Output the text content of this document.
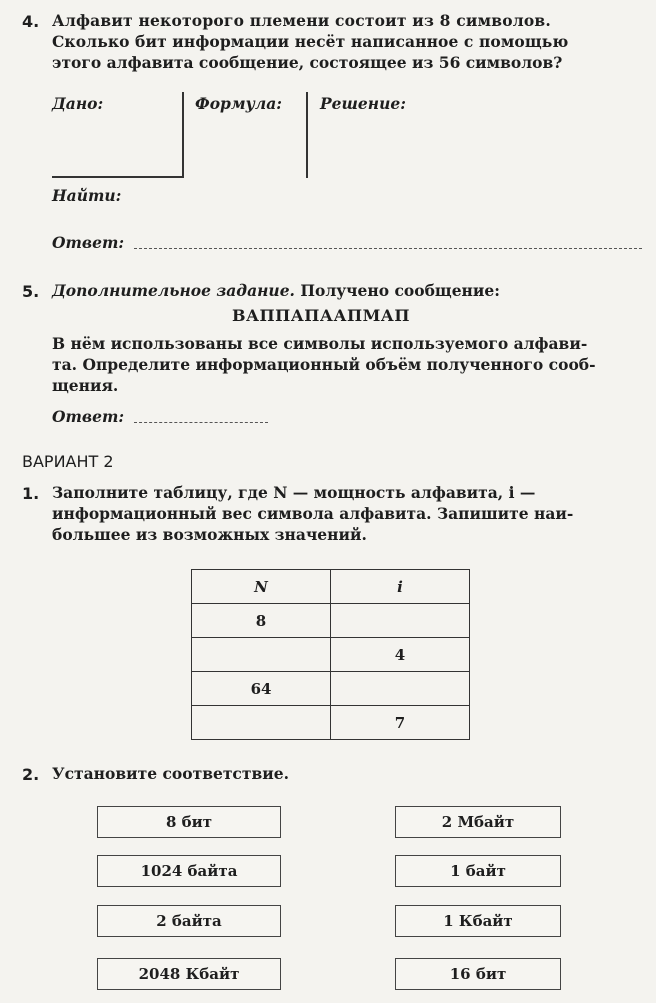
4. Алфавит некоторого племени состоит из 8 символов.
Сколько бит информации несёт написанное с помощью
этого алфавита сообщение, состоящее из 56 символов?
Дано:	Формула: Решение:
Найти:
Ответ:
5. Дополнительное задание. Получено сообщение:
ВАППАПААПМАП
В нём использованы все символы используемого алфави-
та. Определите информационный объём полученного сооб-
щения.
Ответ:
ВАРИАНТ 2
1. Заполните таблицу, где N — мощность алфавита, i —
информационный вес символа алфавита. Запишите наи-
большее из возможных значений.
N	i
8	
	4
64	
	7
2. Установите соответствие.
8 бит
1024 байта
2 байта
2048 Кбайт
2 Мбайт
1 байт
1 Кбайт
16 бит
